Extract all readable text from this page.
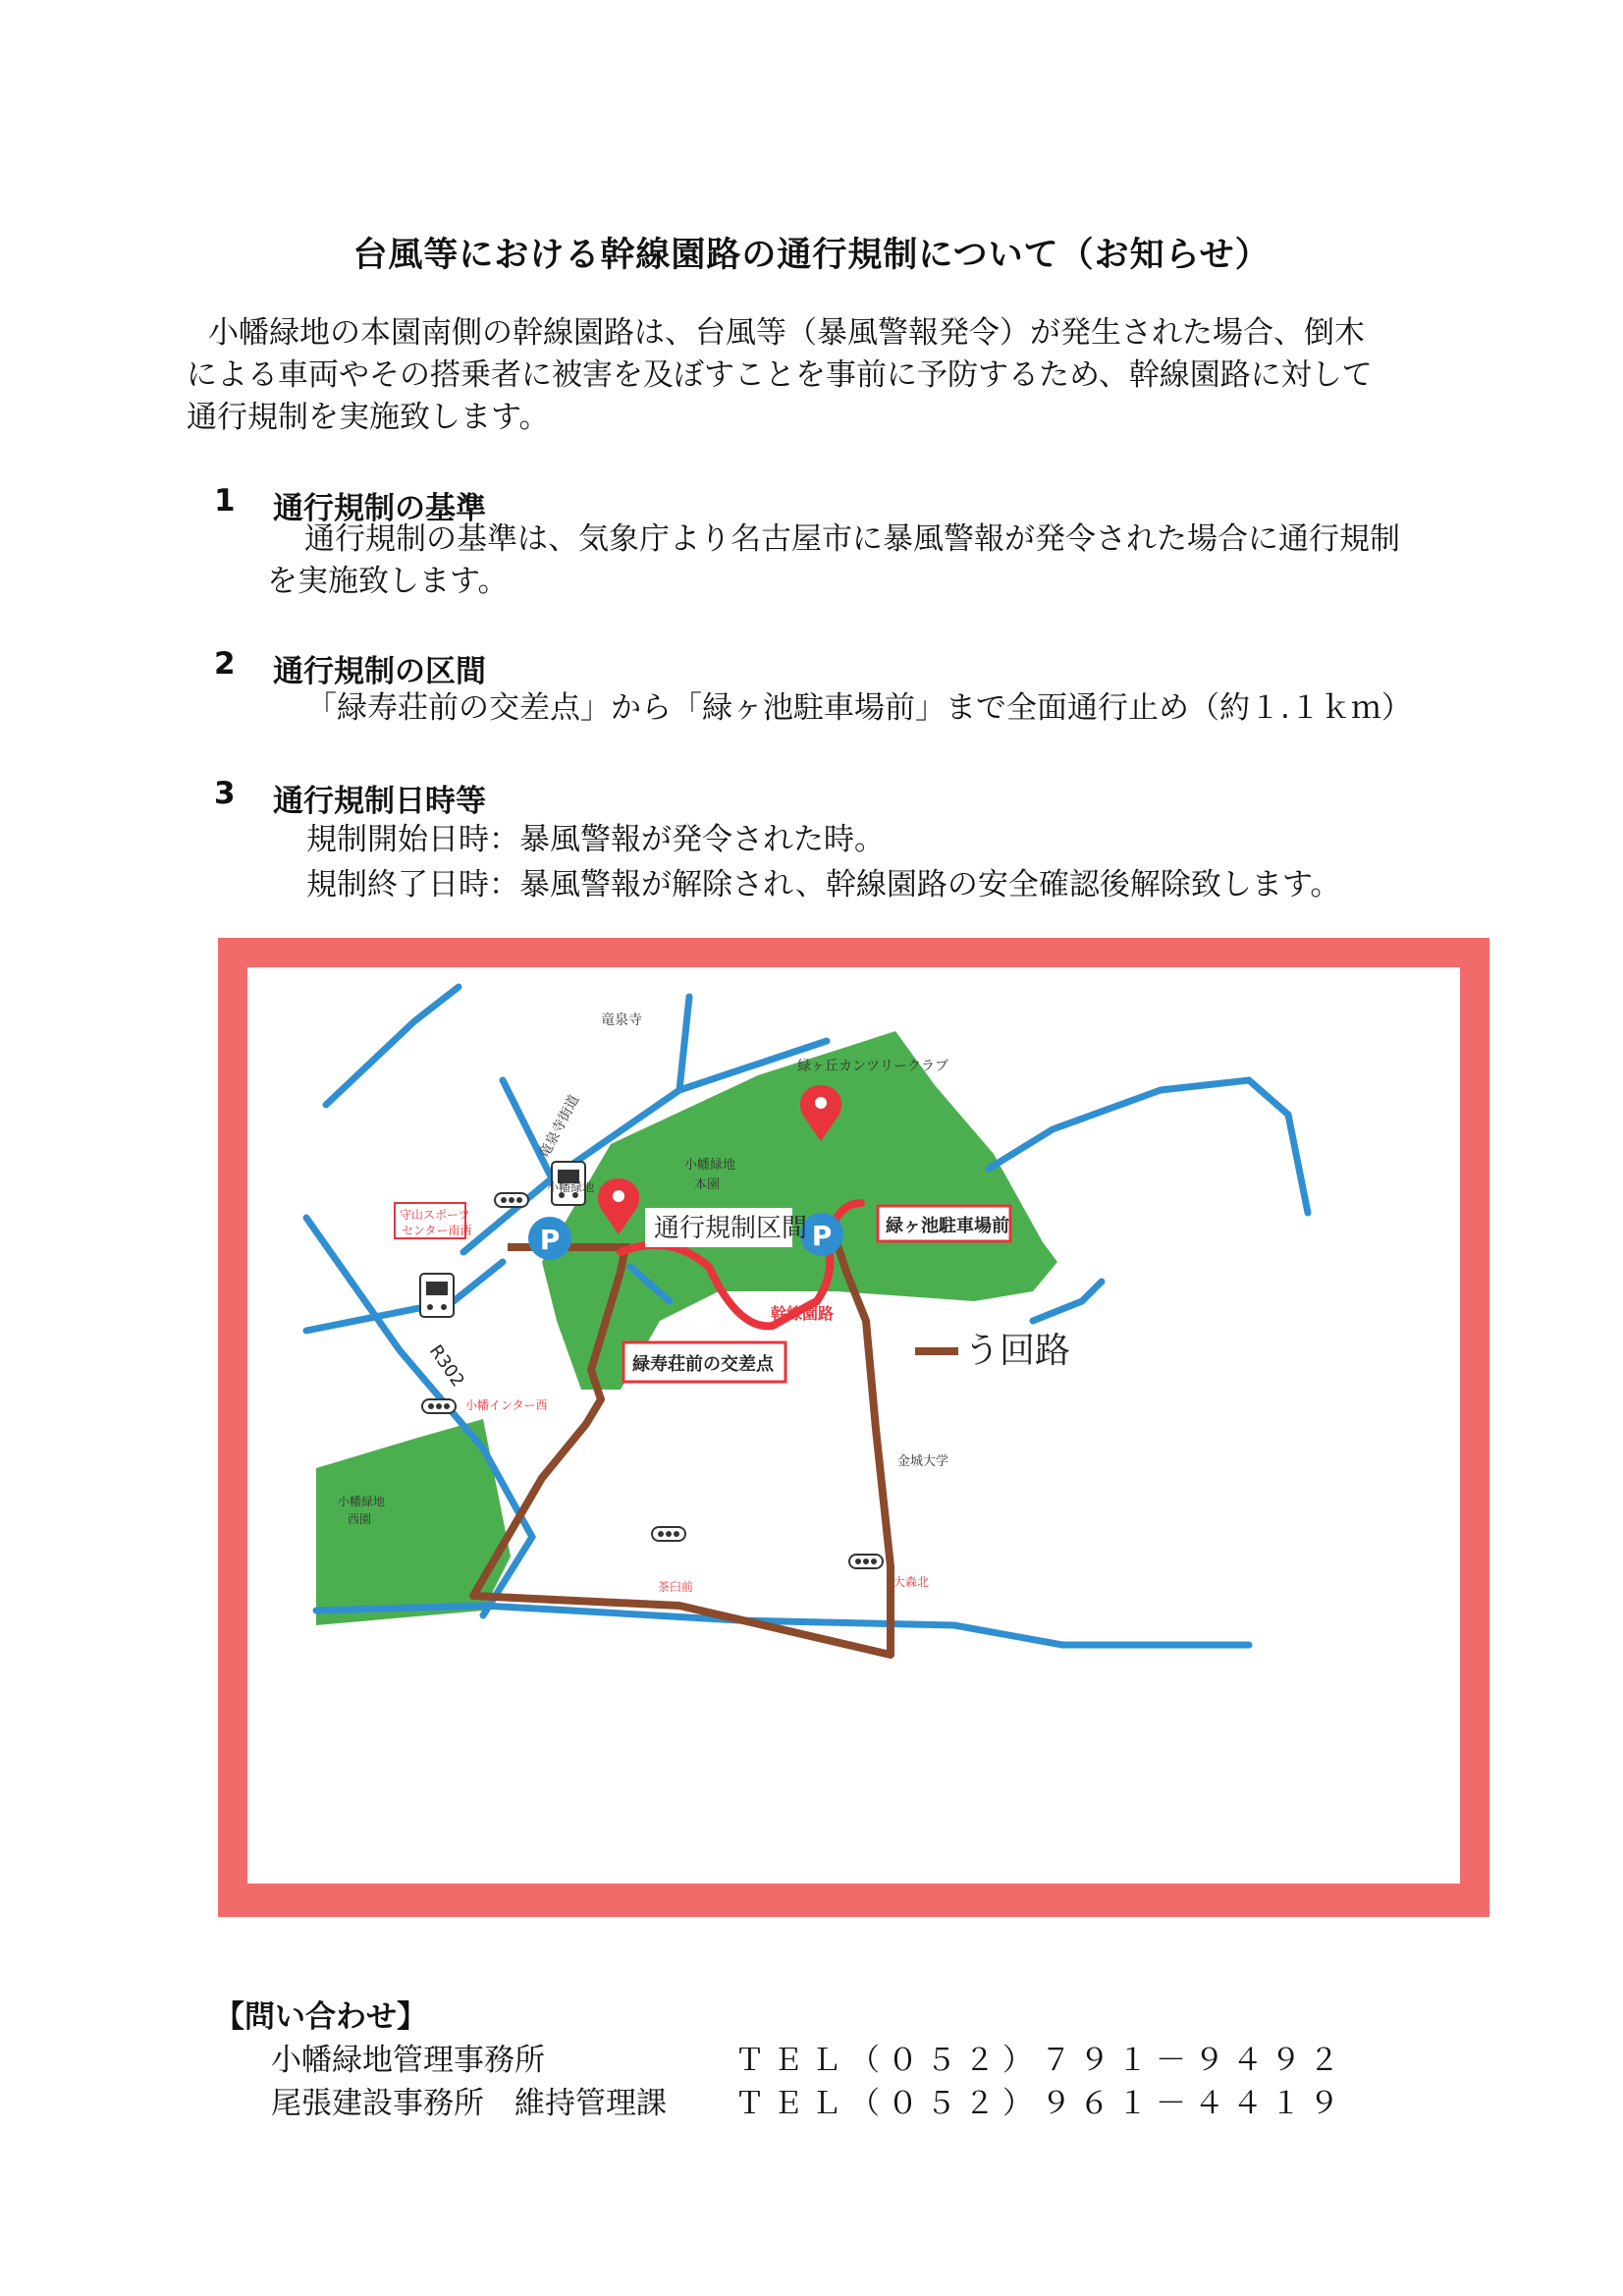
台風等における幹線園路の通行規制について（お知らせ）

小幡緑地の本園南側の幹線園路は、台風等（暴風警報発令）が発生された場合、倒木

による車両やその搭乗者に被害を及ぼすことを事前に予防するため、幹線園路に対して

通行規制を実施致します。

1 通行規制の基準
通行規制の基準は、気象庁より名古屋市に暴風警報が発令された場合に通行規制
を実施致します。
2 通行規制の区間
「緑寿荘前の交差点」から「緑ヶ池駐車場前」まで全面通行止め（約１.１ｋｍ）
3 通行規制日時等
規制開始日時：暴風警報が発令された時。
規制終了日時：暴風警報が解除され、幹線園路の安全確認後解除致します。
P	P
竜泉寺
緑ヶ丘カンツリークラブ
竜泉寺街道
小幡緑地
本園
小幡緑地
守山スポーツ
センター南西	通行規制区間	緑ヶ池駐車場前
幹線園路
う回路
緑寿荘前の交差点
R302
小幡インター西
金城大学
小幡緑地
西園
茶臼前	大森北
【問い合わせ】
小幡緑地管理事務所	ＴＥＬ（０５２）７９１－９４９２
尾張建設事務所　維持管理課 ＴＥＬ（０５２）９６１－４４１９
